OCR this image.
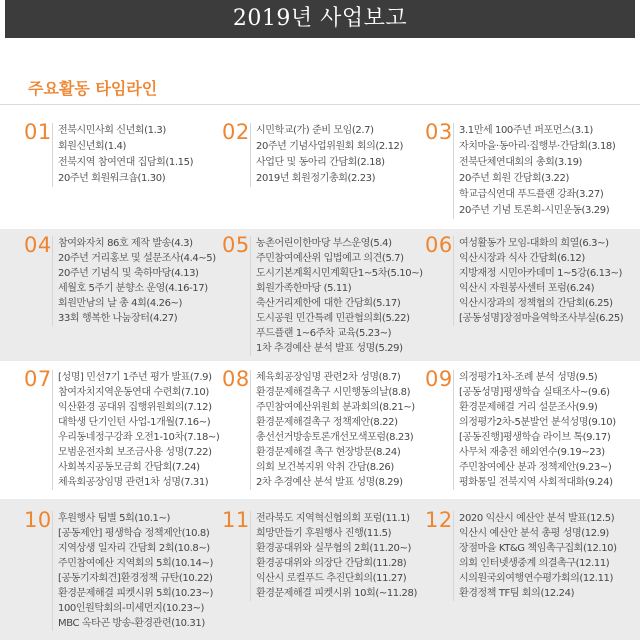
2019년 사업보고
주요활동 타임라인
01 전북시민사회 신년회(1.3)
회원신년회(1.4)
전북지역 참여연대 집담회(1.15)
20주년 회원워크숍(1.30)
02 시민학교(가) 준비 모임(2.7)
20주년 기념사업위원회 회의(2.12)
사업단 및 동아리 간담회(2.18)
2019년 회원정기총회(2.23)
03 3.1만세 100주년 퍼포먼스(3.1)
자치마을·동아리·집행부·간담회(3.18)
전북단체연대회의 총회(3.19)
20주년 회원 간담회(3.22)
학교급식연대 푸드플랜 강좌(3.27)
20주년 기념 토론회-시민운동(3.29)
04 참여와자치 86호 제작 발송(4.3)
20주년 거리홍보 및 설문조사(4.4~5)
20주년 기념식 및 축하마당(4.13)
세월호 5주기 분향소 운영(4.16-17)
회원만남의 날 총 4회(4.26~)
33회 행복한 나눔장터(4.27)
05 농촌어린이한마당 부스운영(5.4)
주민참여예산위 입법예고 의견(5.7)
도시기본계획시민계획단1~5차(5.10~)
회원가족한마당 (5.11)
축산거리제한에 대한 간담회(5.17)
도시공원 민간특례 민관협의회(5.22)
푸드플랜 1~6주차 교육(5.23~)
1차 추경예산 분석 발표 성명(5.29)
06 여성활동가 모임-대화의 희열(6.3~)
익산시장과 식사 간담회(6.12)
지방재정 시민아카데미 1~5강(6.13~)
익산시 자원봉사센터 포럼(6.24)
익산시장과의 정책협의 간담회(6.25)
[공동성명]장점마을역학조사부실(6.25)
07 [성명] 민선7기 1주년 평가 발표(7.9)
참여자치지역운동연대 수련회(7.10)
익산환경 공대위 집행위원회의(7.12)
대학생 단기인턴 사업-1개월(7.16~)
우리동네정구강좌 오전1-10차(7.18~)
모범운전자회 보조금사용 성명(7.22)
사회복지공동모금회 간담회(7.24)
체육회공장임명 관련1차 성명(7.31)
08 체육회공장임명 관련2차 성명(8.7)
환경문제해결촉구 시민행동의날(8.8)
주민참여예산위원회 분과회의(8.21~)
환경문제해결촉구 정책제안(8.22)
총선선거방송토론개선모색포럼(8.23)
환경문제해결 촉구 현장방문(8.24)
의회 보건복지위 악취 간담(8.26)
2차 추경예산 분석 발표 성명(8.29)
09 의정평가1차-조례 분석 성명(9.5)
[공동성명]평생학습 실태조사~(9.6)
환경문제해결 거리 설문조사(9.9)
의정평가2차-5분발언 분석성명(9.10)
[공동진행]평생학습 라이브 톡(9.17)
사무처 재충전 해외연수(9.19~23)
주민참여예산 분과 정책제안(9.23~)
평화통일 전북지역 사회적대화(9.24)
10 후원행사 팀별 5회(10.1~)
[공동제안] 평생학습 정책제안(10.8)
지역상생 일자리 간담회 2회(10.8~)
주민참여예산 지역회의 5회(10.14~)
[공동기자회견]환경정책 규탄(10.22)
환경문제해결 피켓시위 5회(10.23~)
100인원탁회의-미세먼지(10.23~)
MBC 옥타곤 방송-환경관련(10.31)
11 전라북도 지역혁신협의회 포럼(11.1)
희망만들기 후원행사 진행(11.5)
환경공대위와 실무협의 2회(11.20~)
환경공대위와 의장단 간담회(11.28)
익산시 로컬푸드 추진단회의(11.27)
환경문제해결 피켓시위 10회(~11.28)
12 2020 익산시 예산안 분석 발표(12.5)
익산시 예산안 분석 총평 성명(12.9)
장점마을 KT&G 책임촉구집회(12.10)
의회 인터넷생중계 의결촉구(12.11)
시의원국외여행연수평가회의(12.11)
환경정책 TF팀 회의(12.24)
